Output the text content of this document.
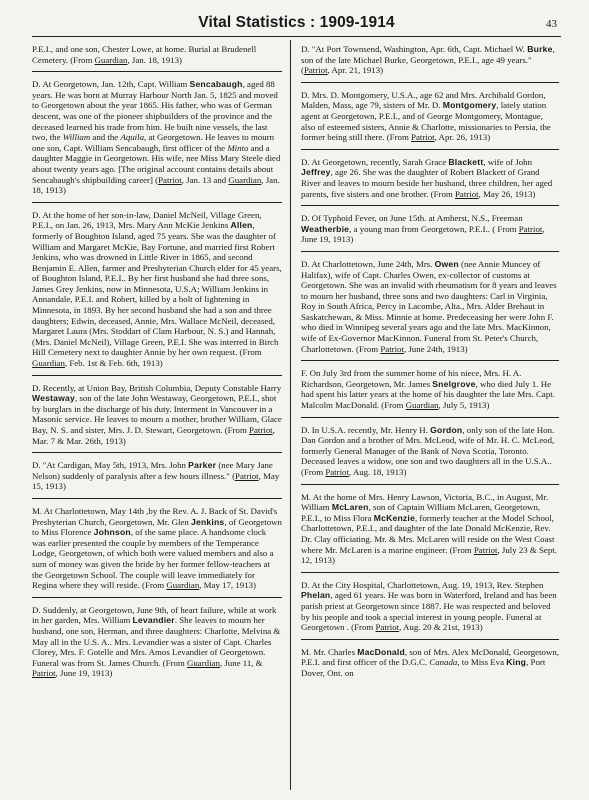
Vital Statistics : 1909-1914	43
P.E.I., and one son, Chester Lowe, at home. Burial at Brudenell Cemetery. (From Guardian, Jan. 18, 1913)
D. At Georgetown, Jan. 12th, Capt. William Sencabaugh, aged 88 years. He was born at Murray Harbour North Jan. 5, 1825 and moved to Georgetown about the year 1865. His father, who was of German descent, was one of the pioneer shipbuilders of the province and the deceased learned his trade from him. He built nine vessels, the last two, the William and the Aquila, at Georgetown. He leaves to mourn one son, Capt. William Sencabaugh, first officer of the Minto and a daughter Maggie in Georgetown. His wife, nee Miss Mary Steele died about twenty years ago. [The original account contains details about Sencabaugh's shipbuilding career] (Patriot, Jan. 13 and Guardian, Jan. 18, 1913)
D. At the home of her son-in-law, Daniel McNeil, Village Green, P.E.I., on Jan. 26, 1913, Mrs. Mary Ann McKie Jenkins Allen, formerly of Boughton Island, aged 75 years. She was the daughter of William and Margaret McKie, Bay Fortune, and married first Robert Jenkins, who was drowned in Little River in 1865, and second Benjamin E. Allen, farmer and Presbyterian Church elder for 45 years, of Boughton Island, P.E.I.. By her first husband she had three sons, James Grey Jenkins, now in Minnesota, U.S.A; William Jenkins in Annandale, P.E.I. and Robert, killed by a bolt of lightening in Minnesota, in 1893. By her second husband she had a son and three daughters; Edwin, deceased, Annie, Mrs. Wallace McNeil, deceased, Margaret Laura (Mrs. Stoddart of Clam Harbour, N. S.) and Hannah, (Mrs. Daniel McNeil), Village Green, P.E.I. She was interred in Birch Hill Cemetery next to daughter Annie by her own request. (From Guardian, Feb. 1st & Feb. 6th, 1913)
D. Recently, at Union Bay, British Columbia, Deputy Constable Harry Westaway, son of the late John Westaway, Georgetown, P.E.I., shot by burglars in the discharge of his duty. Interment in Vancouver in a Masonic service. He leaves to mourn a mother, brother William, Glace Bay, N. S. and sister, Mrs. J. D. Stewart, Georgetown. (From Patriot, Mar. 7 & Mar. 26th, 1913)
D. "At Cardigan, May 5th, 1913, Mrs. John Parker (nee Mary Jane Nelson) suddenly of paralysis after a few hours illness." (Patriot, May 15, 1913)
M. At Charlottetown, May 14th ,by the Rev. A. J. Back of St. David's Presbyterian Church, Georgetown, Mr. Glen Jenkins, of Georgetown to Miss Florence Johnson, of the same place. A handsome clock was earlier presented the couple by members of the Temperance Lodge, Georgetown, of which both were valued members and also a sum of money was given the bride by her former fellow-teachers at the Georgetown School. The couple will leave immediately for Regina where they will reside. (From Guardian, May 17, 1913)
D. Suddenly, at Georgetown, June 9th, of heart failure, while at work in her garden, Mrs. William Levandier. She leaves to mourn her husband, one son, Herman, and three daughters: Charlotte, Melvina & May all in the U.S. A.. Mrs. Levandier was a sister of Capt. Charles Clorey, Mrs. F. Gotelle and Mrs. Amos Levandier of Georgetown. Funeral was from St. James Church. (From Guardian, June 11, & Patriot, June 19, 1913)
D. "At Port Townsend, Washington, Apr. 6th, Capt. Michael W. Burke, son of the late Michael Burke, Georgetown, P.E.I., age 49 years." (Patriot, Apr. 21, 1913)
D. Mrs. D. Montgomery, U.S.A., age 62 and Mrs. Archibald Gordon, Malden, Mass, age 79, sisters of Mr. D. Montgomery, lately station agent at Georgetown, P.E.I., and of George Montgomery, Montague, also of esteemed sisters, Annie & Charlotte, missionaries to Persia, the former being still there. (From Patriot, Apr. 26, 1913)
D. At Georgetown, recently, Sarah Grace Blackett, wife of John Jeffrey, age 26. She was the daughter of Robert Blackett of Grand River and leaves to mourn beside her husband, three children, her aged parents, five sisters and one brother. (From Patriot, May 26, 1913)
D. Of Typhoid Fever, on June 15th. at Amherst, N.S., Freeman Weatherbie, a young man from Georgetown, P.E.I.. ( From Patriot, June 19, 1913)
D. At Charlottetown, June 24th, Mrs. Owen (nee Annie Muncey of Halifax), wife of Capt. Charles Owen, ex-collector of customs at Georgetown. She was an invalid with rheumatism for 8 years and leaves to mourn her husband, three sons and two daughters: Carl in Virginia, Roy in South Africa, Percy in Lacombe, Alta., Mrs. Alder Brehaut in Saskatchewan, & Miss. Minnie at home. Predeceasing her were John F. who died in Winnipeg several years ago and the late Mrs. MacKinnon, wife of Ex-Governor MacKinnon. Funeral from St. Peter's Church, Charlottetown. (From Patriot, June 24th, 1913)
F. On July 3rd from the summer home of his niece, Mrs. H. A. Richardson, Georgetown, Mr. James Snelgrove, who died July 1. He had spent his latter years at the home of his daughter the late Mrs. Capt. Malcolm MacDonald. (From Guardian, July 5, 1913)
D. In U.S.A. recently, Mr. Henry H. Gordon, only son of the late Hon. Dan Gordon and a brother of Mrs. McLeod, wife of Mr. H. C. McLeod, formerly General Manager of the Bank of Nova Scotia, Toronto. Deceased leaves a widow, one son and two daughters all in the U.S.A..(From Patriot, Aug. 18, 1913)
M. At the home of Mrs. Henry Lawson, Victoria, B.C., in August, Mr. William McLaren, son of Captain William McLaren, Georgetown, P.E.I., to Miss Flora McKenzie, formerly teacher at the Model School, Charlottetown, P.E.I., and daughter of the late Donald McKenzie, Rev. Dr. Clay officiating. Mr. & Mrs. McLaren will reside on the West Coast where Mr. McLaren is a marine engineer. (From Patriot, July 23 & Sept. 12, 1913)
D. At the City Hospital, Charlottetown, Aug. 19, 1913, Rev. Stephen Phelan, aged 61 years. He was born in Waterford, Ireland and has been parish priest at Georgetown since 1887. He was respected and beloved by his people and took a special interest in young people. Funeral at Georgetown . (From Patriot, Aug. 20 & 21st, 1913)
M. Mr. Charles MacDonald, son of Mrs. Alex McDonald, Georgetown, P.E.I. and first officer of the D.G.C. Canada, to Miss Eva King, Port Dover, Ont. on
